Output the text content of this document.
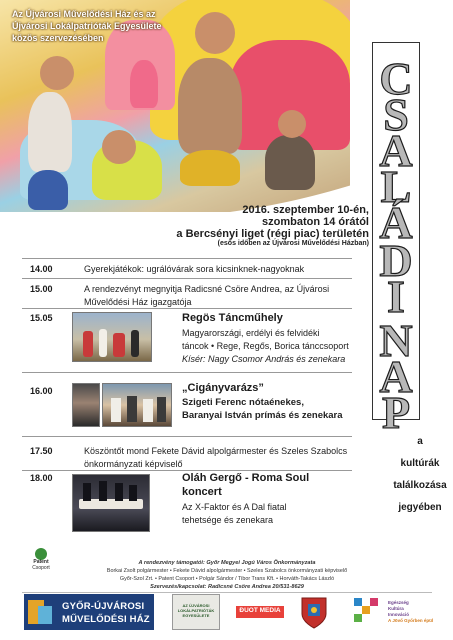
Az Újvárosi Művelődési Ház és az
Újvárosi Lokálpatrióták Egyesülete
közös szervezésében
C
S
A
L
Á
D
I
N
A
P
2016. szeptember 10-én,
szombaton 14 órától
a Bercsényi liget (régi piac) területén
(esős időben az Újvárosi Művelődési Házban)
14.00	Gyerekjátékok: ugrálóvárak sora kicsinknek-nagyoknak
15.00	A rendezvényt megnyitja Radicsné Csöre Andrea, az Újvárosi Művelődési Ház igazgatója
15.05	Regös Táncműhely
Magyarországi, erdélyi és felvidéki
táncok • Rege, Regős, Borica tánccsoport
Kísér: Nagy Csomor András és zenekara
16.00	„Cigányvarázs”
Szigeti Ferenc nótaénekes,
Baranyai István prímás és zenekara
17.50	Köszöntőt mond Fekete Dávid alpolgármester és Szeles Szabolcs
önkormányzati képviselő
18.00	Oláh Gergő - Roma Soul
koncert
Az X-Faktor és A Dal fiatal
tehetsége és zenekara
a
kultúrák
találkozása
jegyében
Patent
Csoport
A rendezvény támogatói: Győr Megyei Jogú Város Önkormányzata
Borkai Zsolt polgármester • Fekete Dávid alpolgármester • Szeles Szabolcs önkormányzati képviselő
Győr-Szol Zrt. • Patent Csoport • Polgár Sándor / Tibor Trans Kft. • Horváth-Takács László
Szervezés/kapcsolat: Radicsné Csöre Andrea 20/531-8629
GYŐR-ÚJVÁROSI
MŰVELŐDÉSI HÁZ
AZ ÚJVÁROSI
LOKÁLPATRIÓTÁK
EGYESÜLETE
ĐUOT MEDIA
Egészség
Kultúra
Innováció
A Jövő Győrben épül
